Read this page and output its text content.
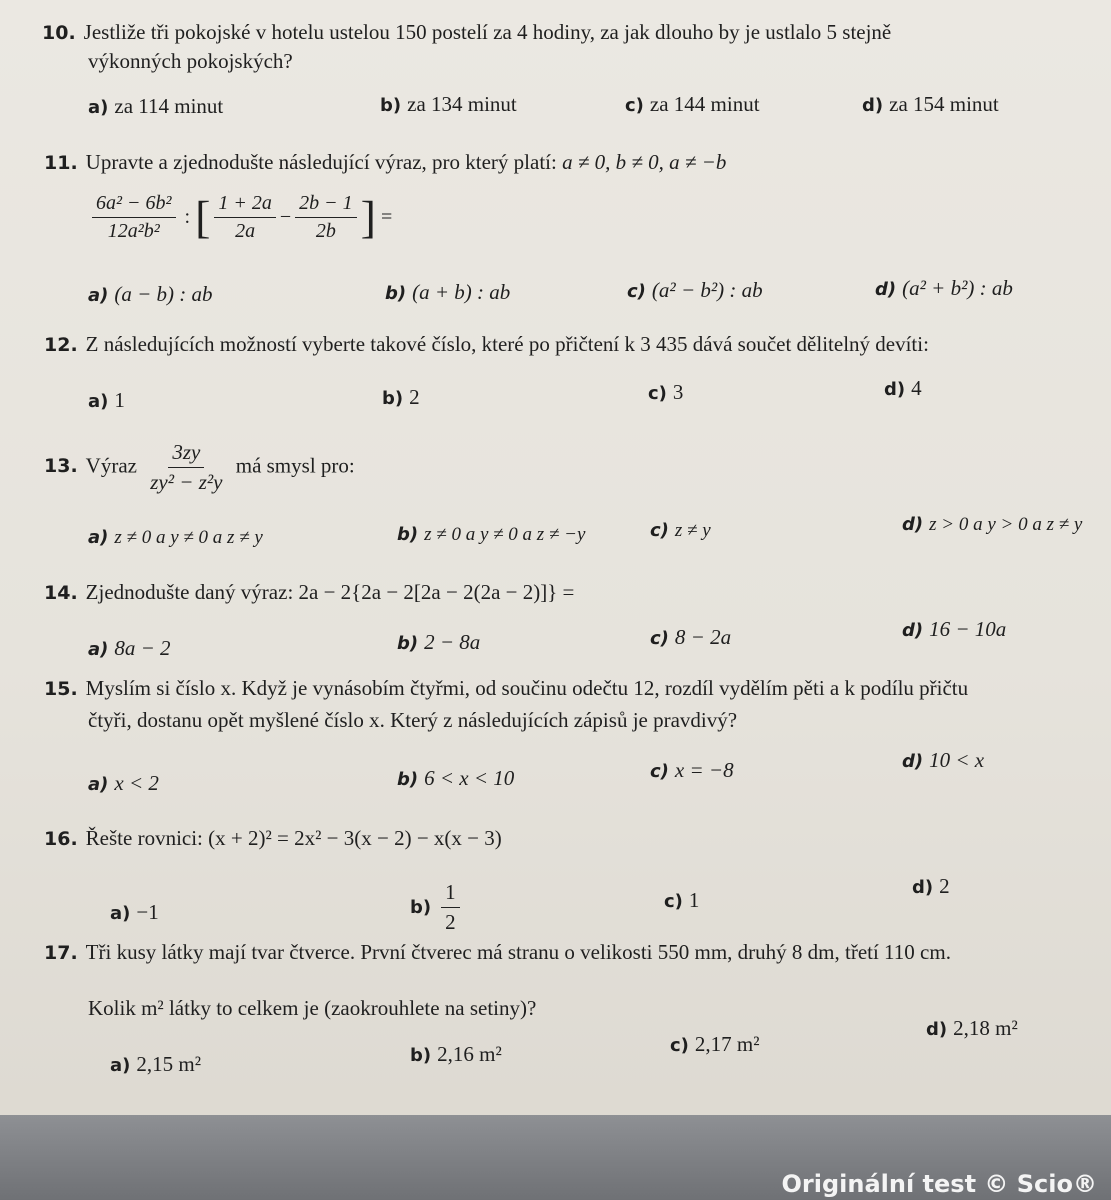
10. Jestliže tři pokojské v hotelu ustelou 150 postelí za 4 hodiny, za jak dlouho by je ustlalo 5 stejně
výkonných pokojských?
a) za 114 minut	b) za 134 minut	c) za 144 minut	d) za 154 minut
11. Upravte a zjednodušte následující výraz, pro který platí: a ≠ 0, b ≠ 0, a ≠ −b
$\frac{\text{6a² − 6b²}}{\text{12a²b²}}$ : [ $\frac{1 + 2a}{2a} - \frac{2b - 1}{2b}$ ] =
a) (a − b) : ab	b) (a + b) : ab	c) (a² − b²) : ab	d) (a² + b²) : ab
12. Z následujících možností vyberte takové číslo, které po přičtení k 3 435 dává součet dělitelný devíti:
a) 1	b) 2	c) 3	d) 4
13. Výraz $\frac{3zy}{\text{zy² − z²y}}$ má smysl pro:
a) z ≠ 0 a y ≠ 0 a z ≠ y	b) z ≠ 0 a y ≠ 0 a z ≠ −y	c) z ≠ y	d) z > 0 a y > 0 a z ≠ y
14. Zjednodušte daný výraz: 2a − 2{2a − 2[2a − 2(2a − 2)]} =
a) 8a − 2	b) 2 − 8a	c) 8 − 2a	d) 16 − 10a
15. Myslím si číslo x. Když je vynásobím čtyřmi, od součinu odečtu 12, rozdíl vydělím pěti a k podílu přičtu
čtyři, dostanu opět myšlené číslo x. Který z následujících zápisů je pravdivý?
a) x < 2	b) 6 < x < 10	c) x = −8	d) 10 < x
16. Řešte rovnici: (x + 2)² = 2x² − 3(x − 2) − x(x − 3)
a) −1	$b) \frac{1}{2}$	c) 1
d) 2
17. Tři kusy látky mají tvar čtverce. První čtverec má stranu o velikosti 550 mm, druhý 8 dm, třetí 110 cm.
Kolik m² látky to celkem je (zaokrouhlete na setiny)?
a) 2,15 m²	b) 2,16 m²	c) 2,17 m²
d) 2,18 m²
Originální test © Scio®
